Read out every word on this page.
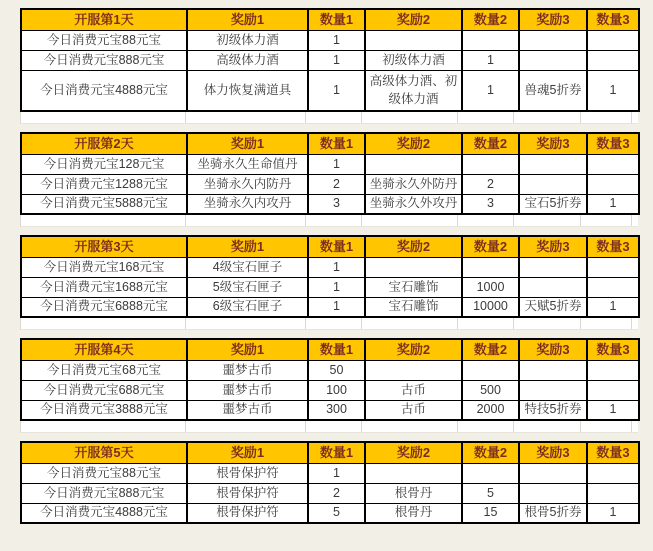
开服第1天	奖励1	数量1	奖励2	数量2	奖励3	数量3
今日消费元宝88元宝	初级体力酒	1				
今日消费元宝888元宝	高级体力酒	1	初级体力酒	1		
今日消费元宝4888元宝	体力恢复满道具	1	高级体力酒、初级体力酒	1	兽魂5折券	1
开服第2天	奖励1	数量1	奖励2	数量2	奖励3	数量3
今日消费元宝128元宝	坐骑永久生命值丹	1				
今日消费元宝1288元宝	坐骑永久内防丹	2	坐骑永久外防丹	2		
今日消费元宝5888元宝	坐骑永久内攻丹	3	坐骑永久外攻丹	3	宝石5折券	1
开服第3天	奖励1	数量1	奖励2	数量2	奖励3	数量3
今日消费元宝168元宝	4级宝石匣子	1				
今日消费元宝1688元宝	5级宝石匣子	1	宝石雕饰	1000		
今日消费元宝6888元宝	6级宝石匣子	1	宝石雕饰	10000	天赋5折券	1
开服第4天	奖励1	数量1	奖励2	数量2	奖励3	数量3
今日消费元宝68元宝	噩梦古币	50				
今日消费元宝688元宝	噩梦古币	100	古币	500		
今日消费元宝3888元宝	噩梦古币	300	古币	2000	特技5折券	1
开服第5天	奖励1	数量1	奖励2	数量2	奖励3	数量3
今日消费元宝88元宝	根骨保护符	1				
今日消费元宝888元宝	根骨保护符	2	根骨丹	5		
今日消费元宝4888元宝	根骨保护符	5	根骨丹	15	根骨5折券	1
